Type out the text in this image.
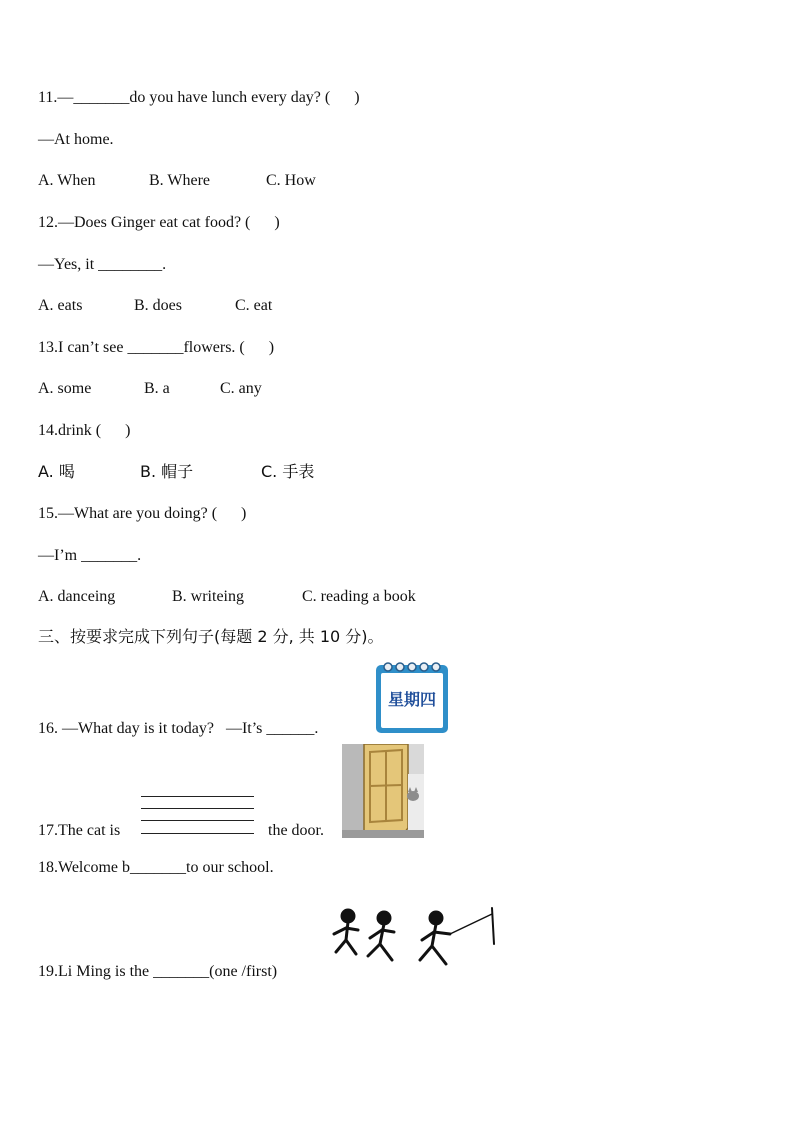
11.—_______do you have lunch every day? (      )
—At home.
A. When	B. Where	C. How
12.—Does Ginger eat cat food? (      )
—Yes, it ________.
A. eats	B. does	C. eat
13.I can’t see _______flowers. (      )
A. some	B. a	C. any
14.drink (      )
A. 喝	B. 帽子	C. 手表
15.—What are you doing? (      )
—I’m _______.
A. danceing	B. writeing	C. reading a book
三、按要求完成下列句子(每题 2 分, 共 10 分)。
16. —What day is it today?   —It’s ______.
星期四
17.The cat is	the door.
18.Welcome b_______to our school.
19.Li Ming is the _______(one /first)
